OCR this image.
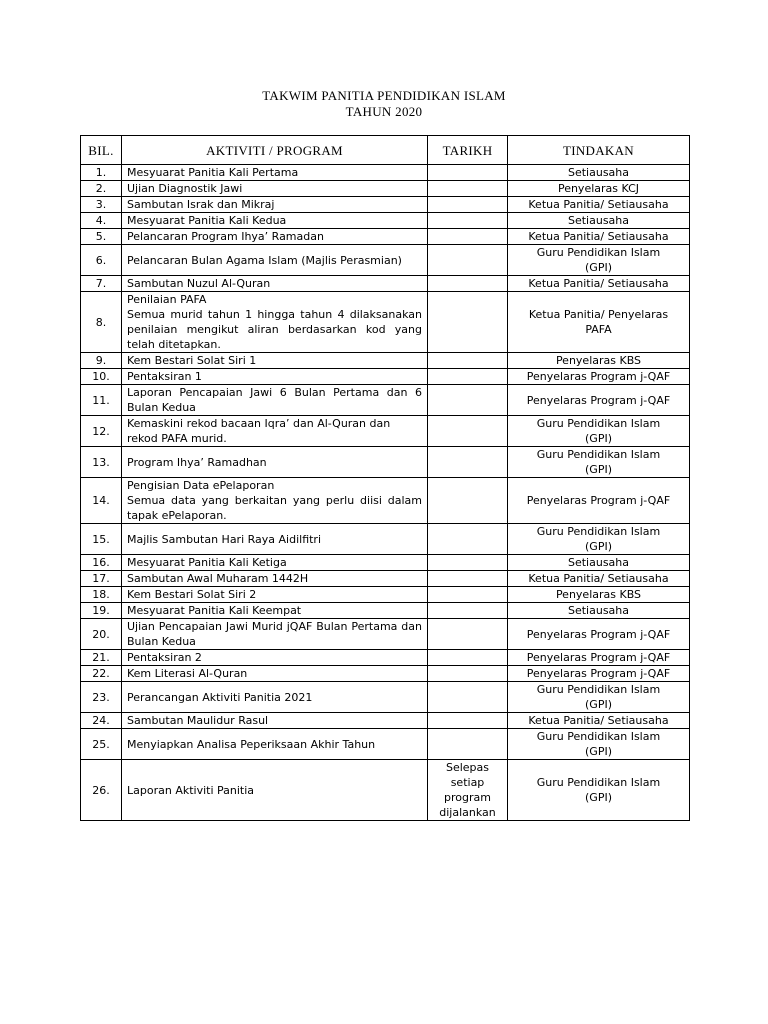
TAKWIM PANITIA PENDIDIKAN ISLAM
TAHUN 2020
BIL.	AKTIVITI / PROGRAM	TARIKH	TINDAKAN
1.	Mesyuarat Panitia Kali Pertama		Setiausaha

2.	Ujian Diagnostik Jawi		Penyelaras KCJ

3.	Sambutan Israk dan Mikraj		Ketua Panitia/ Setiausaha

4.	Mesyuarat Panitia Kali Kedua		Setiausaha

5.	Pelancaran Program Ihya’ Ramadan		Ketua Panitia/ Setiausaha

6.	Pelancaran Bulan Agama Islam (Majlis Perasmian)		Guru Pendidikan Islam
(GPI)

7.	Sambutan Nuzul Al-Quran		Ketua Panitia/ Setiausaha

8.	Penilaian PAFA
Semua murid tahun 1 hingga tahun 4 dilaksanakan penilaian mengikut aliran berdasarkan kod yang telah ditetapkan.		Ketua Panitia/ Penyelaras
PAFA

9.	Kem Bestari Solat Siri 1		Penyelaras KBS

10.	Pentaksiran 1		Penyelaras Program j-QAF

11.	Laporan Pencapaian Jawi 6 Bulan Pertama dan 6 Bulan Kedua		Penyelaras Program j-QAF

12.	Kemaskini rekod bacaan Iqra’ dan Al-Quran dan rekod PAFA murid.		Guru Pendidikan Islam
(GPI)

13.	Program Ihya’ Ramadhan		Guru Pendidikan Islam
(GPI)

14.	Pengisian Data ePelaporan
Semua data yang berkaitan yang perlu diisi dalam tapak ePelaporan.		Penyelaras Program j-QAF

15.	Majlis Sambutan Hari Raya Aidilfitri		Guru Pendidikan Islam
(GPI)

16.	Mesyuarat Panitia Kali Ketiga		Setiausaha

17.	Sambutan Awal Muharam 1442H		Ketua Panitia/ Setiausaha

18.	Kem Bestari Solat Siri 2		Penyelaras KBS

19.	Mesyuarat Panitia Kali Keempat		Setiausaha

20.	Ujian Pencapaian Jawi Murid jQAF Bulan Pertama dan Bulan Kedua		Penyelaras Program j-QAF

21.	Pentaksiran 2		Penyelaras Program j-QAF

22.	Kem Literasi Al-Quran		Penyelaras Program j-QAF

23.	Perancangan Aktiviti Panitia 2021		Guru Pendidikan Islam
(GPI)

24.	Sambutan Maulidur Rasul		Ketua Panitia/ Setiausaha

25.	Menyiapkan Analisa Peperiksaan Akhir Tahun		Guru Pendidikan Islam
(GPI)

26.	Laporan Aktiviti Panitia	Selepas
setiap
program
dijalankan	Guru Pendidikan Islam
(GPI)
